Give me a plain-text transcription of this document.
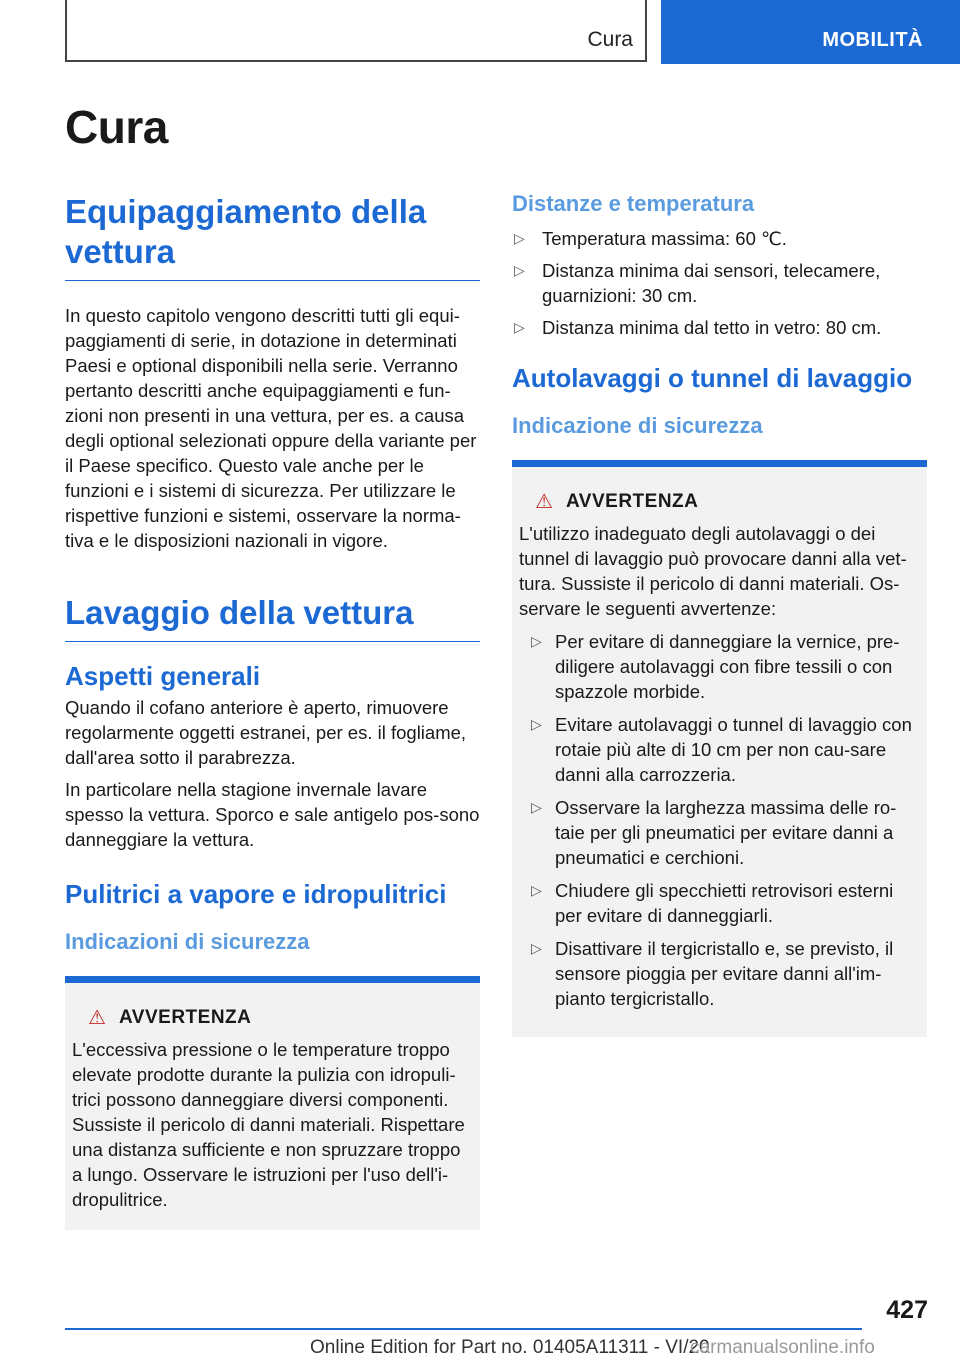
Cura	MOBILITÀ
Cura
Equipaggiamento della vettura

In questo capitolo vengono descritti tutti gli equi-paggiamenti di serie, in dotazione in determinati Paesi e optional disponibili nella serie. Verranno pertanto descritti anche equipaggiamenti e fun-zioni non presenti in una vettura, per es. a causa degli optional selezionati oppure della variante per il Paese specifico. Questo vale anche per le funzioni e i sistemi di sicurezza. Per utilizzare le rispettive funzioni e sistemi, osservare la norma-tiva e le disposizioni nazionali in vigore.

Lavaggio della vettura
Aspetti generali

Quando il cofano anteriore è aperto, rimuovere regolarmente oggetti estranei, per es. il fogliame, dall'area sotto il parabrezza.

In particolare nella stagione invernale lavare spesso la vettura. Sporco e sale antigelo pos-sono danneggiare la vettura.

Pulitrici a vapore e idropulitrici
Indicazioni di sicurezza
⚠ AVVERTENZA

L'eccessiva pressione o le temperature troppo elevate prodotte durante la pulizia con idropuli-trici possono danneggiare diversi componenti. Sussiste il pericolo di danni materiali. Rispettare una distanza sufficiente e non spruzzare troppo a lungo. Osservare le istruzioni per l'uso dell'i-dropulitrice.

Distanze e temperatura
▷ Temperatura massima: 60 ℃.
▷ Distanza minima dai sensori, telecamere, guarnizioni: 30 cm.
▷ Distanza minima dal tetto in vetro: 80 cm.
Autolavaggi o tunnel di lavaggio
Indicazione di sicurezza
⚠ AVVERTENZA

L'utilizzo inadeguato degli autolavaggi o dei tunnel di lavaggio può provocare danni alla vet-tura. Sussiste il pericolo di danni materiali. Os-servare le seguenti avvertenze:

▷ Per evitare di danneggiare la vernice, pre-diligere autolavaggi con fibre tessili o con spazzole morbide.
▷ Evitare autolavaggi o tunnel di lavaggio con rotaie più alte di 10 cm per non cau-sare danni alla carrozzeria.
▷ Osservare la larghezza massima delle ro-taie per gli pneumatici per evitare danni a pneumatici e cerchioni.
▷ Chiudere gli specchietti retrovisori esterni per evitare di danneggiarli.
▷ Disattivare il tergicristallo e, se previsto, il sensore pioggia per evitare danni all'im-pianto tergicristallo.
427
Online Edition for Part no. 01405A11311 - VI/20
carmanualsonline.info
